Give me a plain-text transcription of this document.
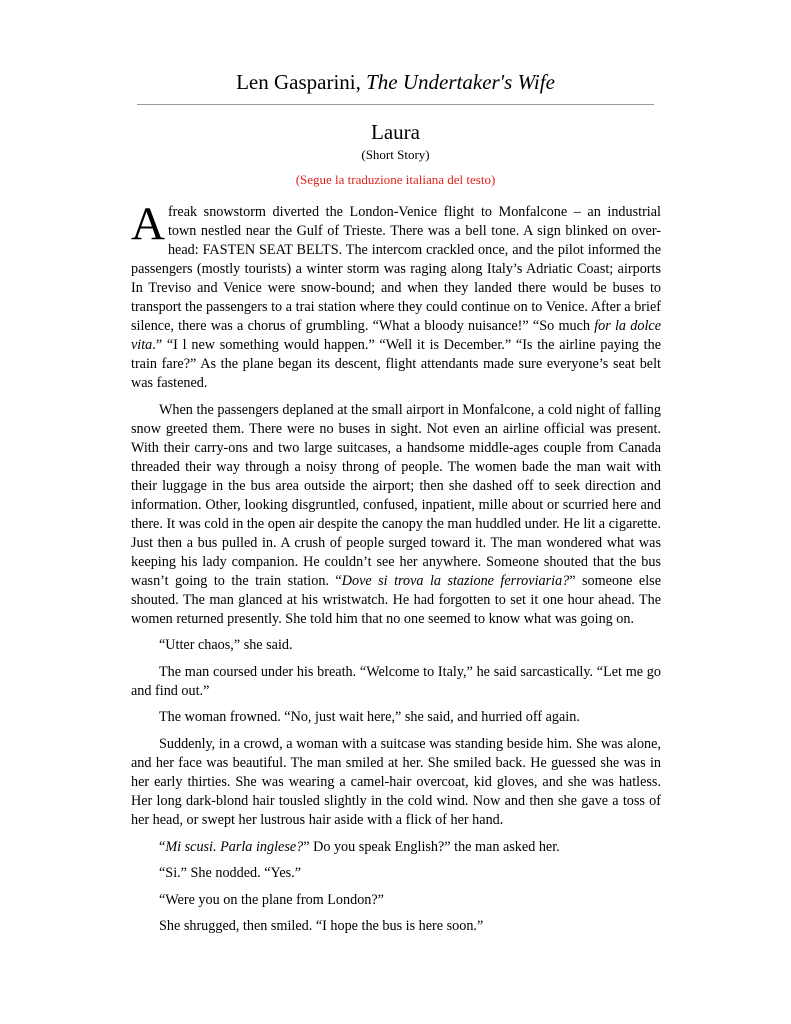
Len Gasparini, The Undertaker's Wife
Laura
(Short Story)
(Segue la traduzione italiana del testo)

A freak snowstorm diverted the London-Venice flight to Monfalcone – an industrial town nestled near the Gulf of Trieste. There was a bell tone. A sign blinked on over-head: FASTEN SEAT BELTS. The intercom crackled once, and the pilot informed the passengers (mostly tourists) a winter storm was raging along Italy’s Adriatic Coast; airports In Treviso and Venice were snow-bound; and when they landed there would be buses to transport the passengers to a trai station where they could continue on to Venice. After a brief silence, there was a chorus of grumbling. “What a bloody nuisance!” “So much for la dolce vita.” “I l new something would happen.” “Well it is December.” “Is the airline paying the train fare?” As the plane began its descent, flight attendants made sure everyone’s seat belt was fastened.

When the passengers deplaned at the small airport in Monfalcone, a cold night of falling snow greeted them. There were no buses in sight. Not even an airline official was present. With their carry-ons and two large suitcases, a handsome middle-ages couple from Canada threaded their way through a noisy throng of people. The women bade the man wait with their luggage in the bus area outside the airport; then she dashed off to seek direction and information. Other, looking disgruntled, confused, inpatient, mille about or scurried here and there. It was cold in the open air despite the canopy the man huddled under. He lit a cigarette. Just then a bus pulled in. A crush of people surged toward it. The man wondered what was keeping his lady companion. He couldn’t see her anywhere. Someone shouted that the bus wasn’t going to the train station. “Dove si trova la stazione ferroviaria?” someone else shouted. The man glanced at his wristwatch. He had forgotten to set it one hour ahead. The women returned presently. She told him that no one seemed to know what was going on.

“Utter chaos,” she said.

The man coursed under his breath. “Welcome to Italy,” he said sarcastically. “Let me go and find out.”

The woman frowned. “No, just wait here,” she said, and hurried off again.

Suddenly, in a crowd, a woman with a suitcase was standing beside him. She was alone, and her face was beautiful. The man smiled at her. She smiled back. He guessed she was in her early thirties. She was wearing a camel-hair overcoat, kid gloves, and she was hatless. Her long dark-blond hair tousled slightly in the cold wind. Now and then she gave a toss of her head, or swept her lustrous hair aside with a flick of her hand.

“Mi scusi. Parla inglese?” Do you speak English?” the man asked her.

“Si.” She nodded. “Yes.”

“Were you on the plane from London?”

She shrugged, then smiled. “I hope the bus is here soon.”
